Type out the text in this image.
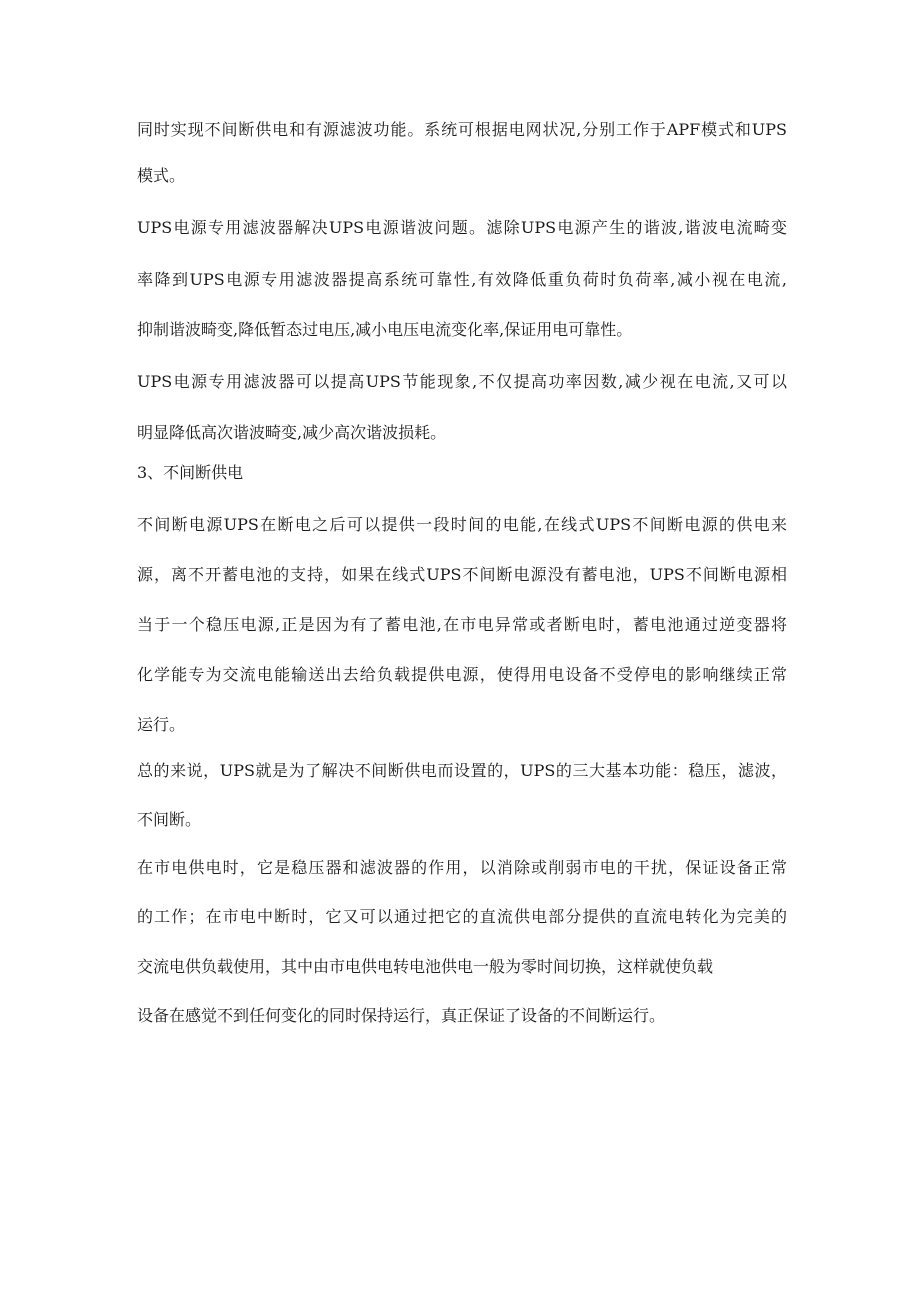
同时实现不间断供电和有源滤波功能。系统可根据电网状况,分别工作于APF模式和UPS
模式。
UPS电源专用滤波器解决UPS电源谐波问题。滤除UPS电源产生的谐波,谐波电流畸变
率降到UPS电源专用滤波器提高系统可靠性,有效降低重负荷时负荷率,减小视在电流,
抑制谐波畸变,降低暂态过电压,减小电压电流变化率,保证用电可靠性。
UPS电源专用滤波器可以提高UPS节能现象,不仅提高功率因数,减少视在电流,又可以
明显降低高次谐波畸变,减少高次谐波损耗。
3、不间断供电
不间断电源UPS在断电之后可以提供一段时间的电能,在线式UPS不间断电源的供电来
源，离不开蓄电池的支持，如果在线式UPS不间断电源没有蓄电池，UPS不间断电源相
当于一个稳压电源,正是因为有了蓄电池,在市电异常或者断电时，蓄电池通过逆变器将
化学能专为交流电能输送出去给负载提供电源，使得用电设备不受停电的影响继续正常
运行。
总的来说，UPS就是为了解决不间断供电而设置的，UPS的三大基本功能：稳压，滤波，
不间断。
在市电供电时，它是稳压器和滤波器的作用，以消除或削弱市电的干扰，保证设备正常
的工作；在市电中断时，它又可以通过把它的直流供电部分提供的直流电转化为完美的
交流电供负载使用，其中由市电供电转电池供电一般为零时间切换，这样就使负载
设备在感觉不到任何变化的同时保持运行，真正保证了设备的不间断运行。
